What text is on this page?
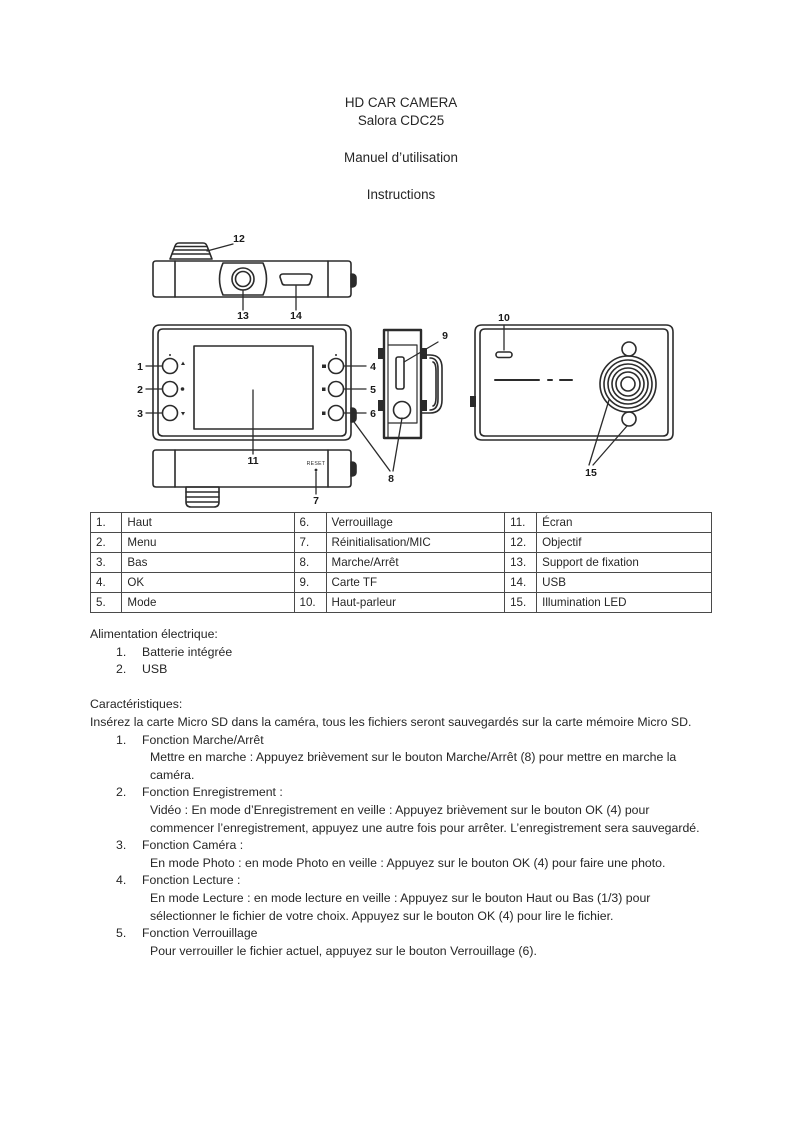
HD CAR CAMERA
Salora CDC25
Manuel d’utilisation
Instructions
RESET
1
2
3
4
5
6
7
8
9
10
11
12
13	14
15
1.	Haut	6.	Verrouillage	11.	Écran
2.	Menu	7.	Réinitialisation/MIC	12.	Objectif
3.	Bas	8.	Marche/Arrêt	13.	Support de fixation
4.	OK	9.	Carte TF	14.	USB
5.	Mode	10.	Haut-parleur	15.	Illumination LED

Alimentation électrique:

1.	Batterie intégrée
2.	USB

Caractéristiques:

Insérez la carte Micro SD dans la caméra, tous les fichiers seront sauvegardés sur la carte mémoire Micro SD.

1.	Fonction Marche/Arrêt
Mettre en marche : Appuyez brièvement sur le bouton Marche/Arrêt (8) pour mettre en marche la caméra.
2.	Fonction Enregistrement :
Vidéo : En mode d’Enregistrement en veille : Appuyez brièvement sur le bouton OK (4) pour commencer l’enregistrement, appuyez une autre fois pour arrêter. L’enregistrement sera sauvegardé.
3.	Fonction Caméra :
En mode Photo : en mode Photo en veille : Appuyez sur le bouton OK (4) pour faire une photo.
4.	Fonction Lecture :
En mode Lecture : en mode lecture en veille : Appuyez sur le bouton Haut ou Bas (1/3) pour sélectionner le fichier de votre choix. Appuyez sur le bouton OK (4) pour lire le fichier.
5.	Fonction Verrouillage
Pour verrouiller le fichier actuel, appuyez sur le bouton Verrouillage (6).
